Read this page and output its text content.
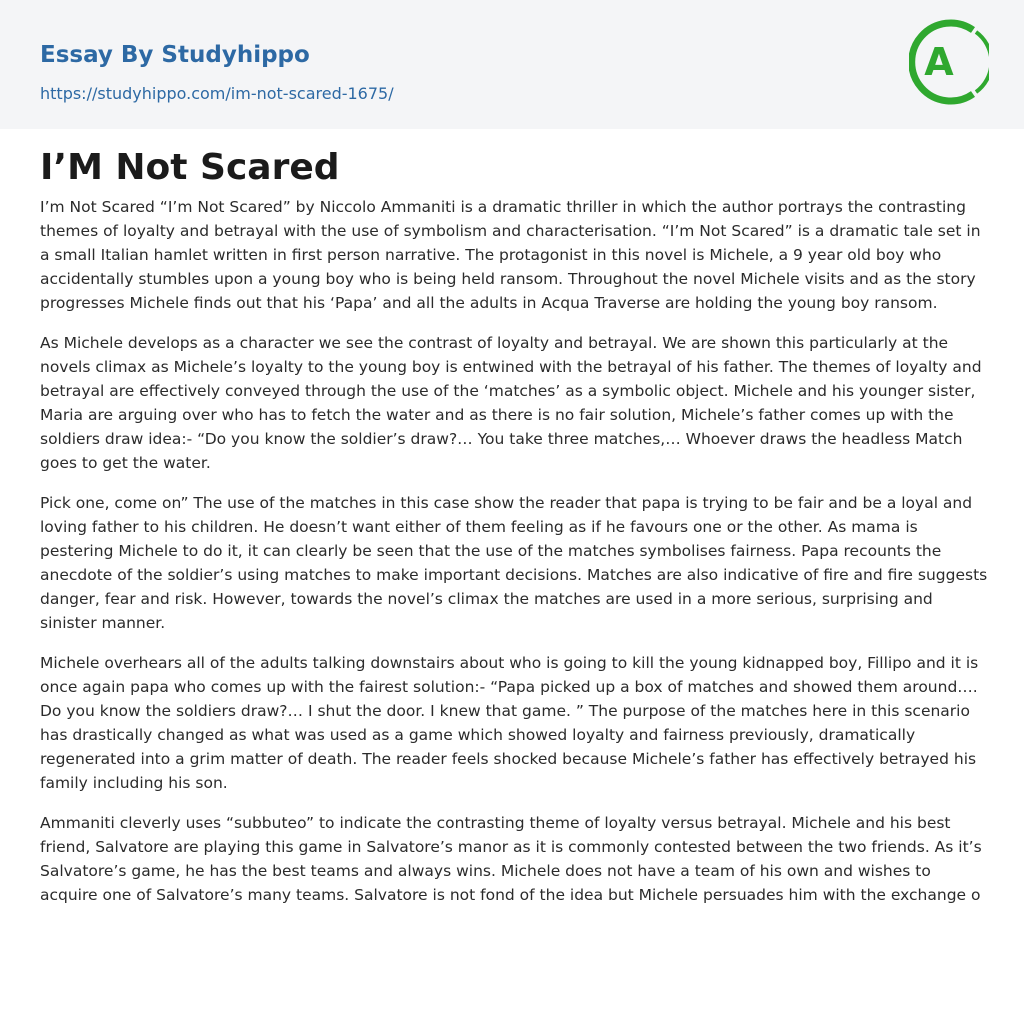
Essay By Studyhippo
https://studyhippo.com/im-not-scared-1675/
A
I’M Not Scared

I’m Not Scared “I’m Not Scared” by Niccolo Ammaniti is a dramatic thriller in which the author portrays the contrasting themes of loyalty and betrayal with the use of symbolism and characterisation. “I’m Not Scared” is a dramatic tale set in a small Italian hamlet written in first person narrative. The protagonist in this novel is Michele, a 9 year old boy who accidentally stumbles upon a young boy who is being held ransom. Throughout the novel Michele visits and as the story progresses Michele finds out that his ‘Papa’ and all the adults in Acqua Traverse are holding the young boy ransom.

As Michele develops as a character we see the contrast of loyalty and betrayal. We are shown this particularly at the novels climax as Michele’s loyalty to the young boy is entwined with the betrayal of his father. The themes of loyalty and betrayal are effectively conveyed through the use of the ‘matches’ as a symbolic object. Michele and his younger sister, Maria are arguing over who has to fetch the water and as there is no fair solution, Michele’s father comes up with the soldiers draw idea:- “Do you know the soldier’s draw?… You take three matches,… Whoever draws the headless Match goes to get the water.

Pick one, come on” The use of the matches in this case show the reader that papa is trying to be fair and be a loyal and loving father to his children. He doesn’t want either of them feeling as if he favours one or the other. As mama is pestering Michele to do it, it can clearly be seen that the use of the matches symbolises fairness. Papa recounts the anecdote of the soldier’s using matches to make important decisions. Matches are also indicative of fire and fire suggests danger, fear and risk. However, towards the novel’s climax the matches are used in a more serious, surprising and sinister manner.

Michele overhears all of the adults talking downstairs about who is going to kill the young kidnapped boy, Fillipo and it is once again papa who comes up with the fairest solution:- “Papa picked up a box of matches and showed them around…. Do you know the soldiers draw?… I shut the door. I knew that game. ” The purpose of the matches here in this scenario has drastically changed as what was used as a game which showed loyalty and fairness previously, dramatically regenerated into a grim matter of death. The reader feels shocked because Michele’s father has effectively betrayed his family including his son.

Ammaniti cleverly uses “subbuteo” to indicate the contrasting theme of loyalty versus betrayal. Michele and his best friend, Salvatore are playing this game in Salvatore’s manor as it is commonly contested between the two friends. As it’s Salvatore’s game, he has the best teams and always wins. Michele does not have a team of his own and wishes to acquire one of Salvatore’s many teams. Salvatore is not fond of the idea but Michele persuades him with the exchange o
